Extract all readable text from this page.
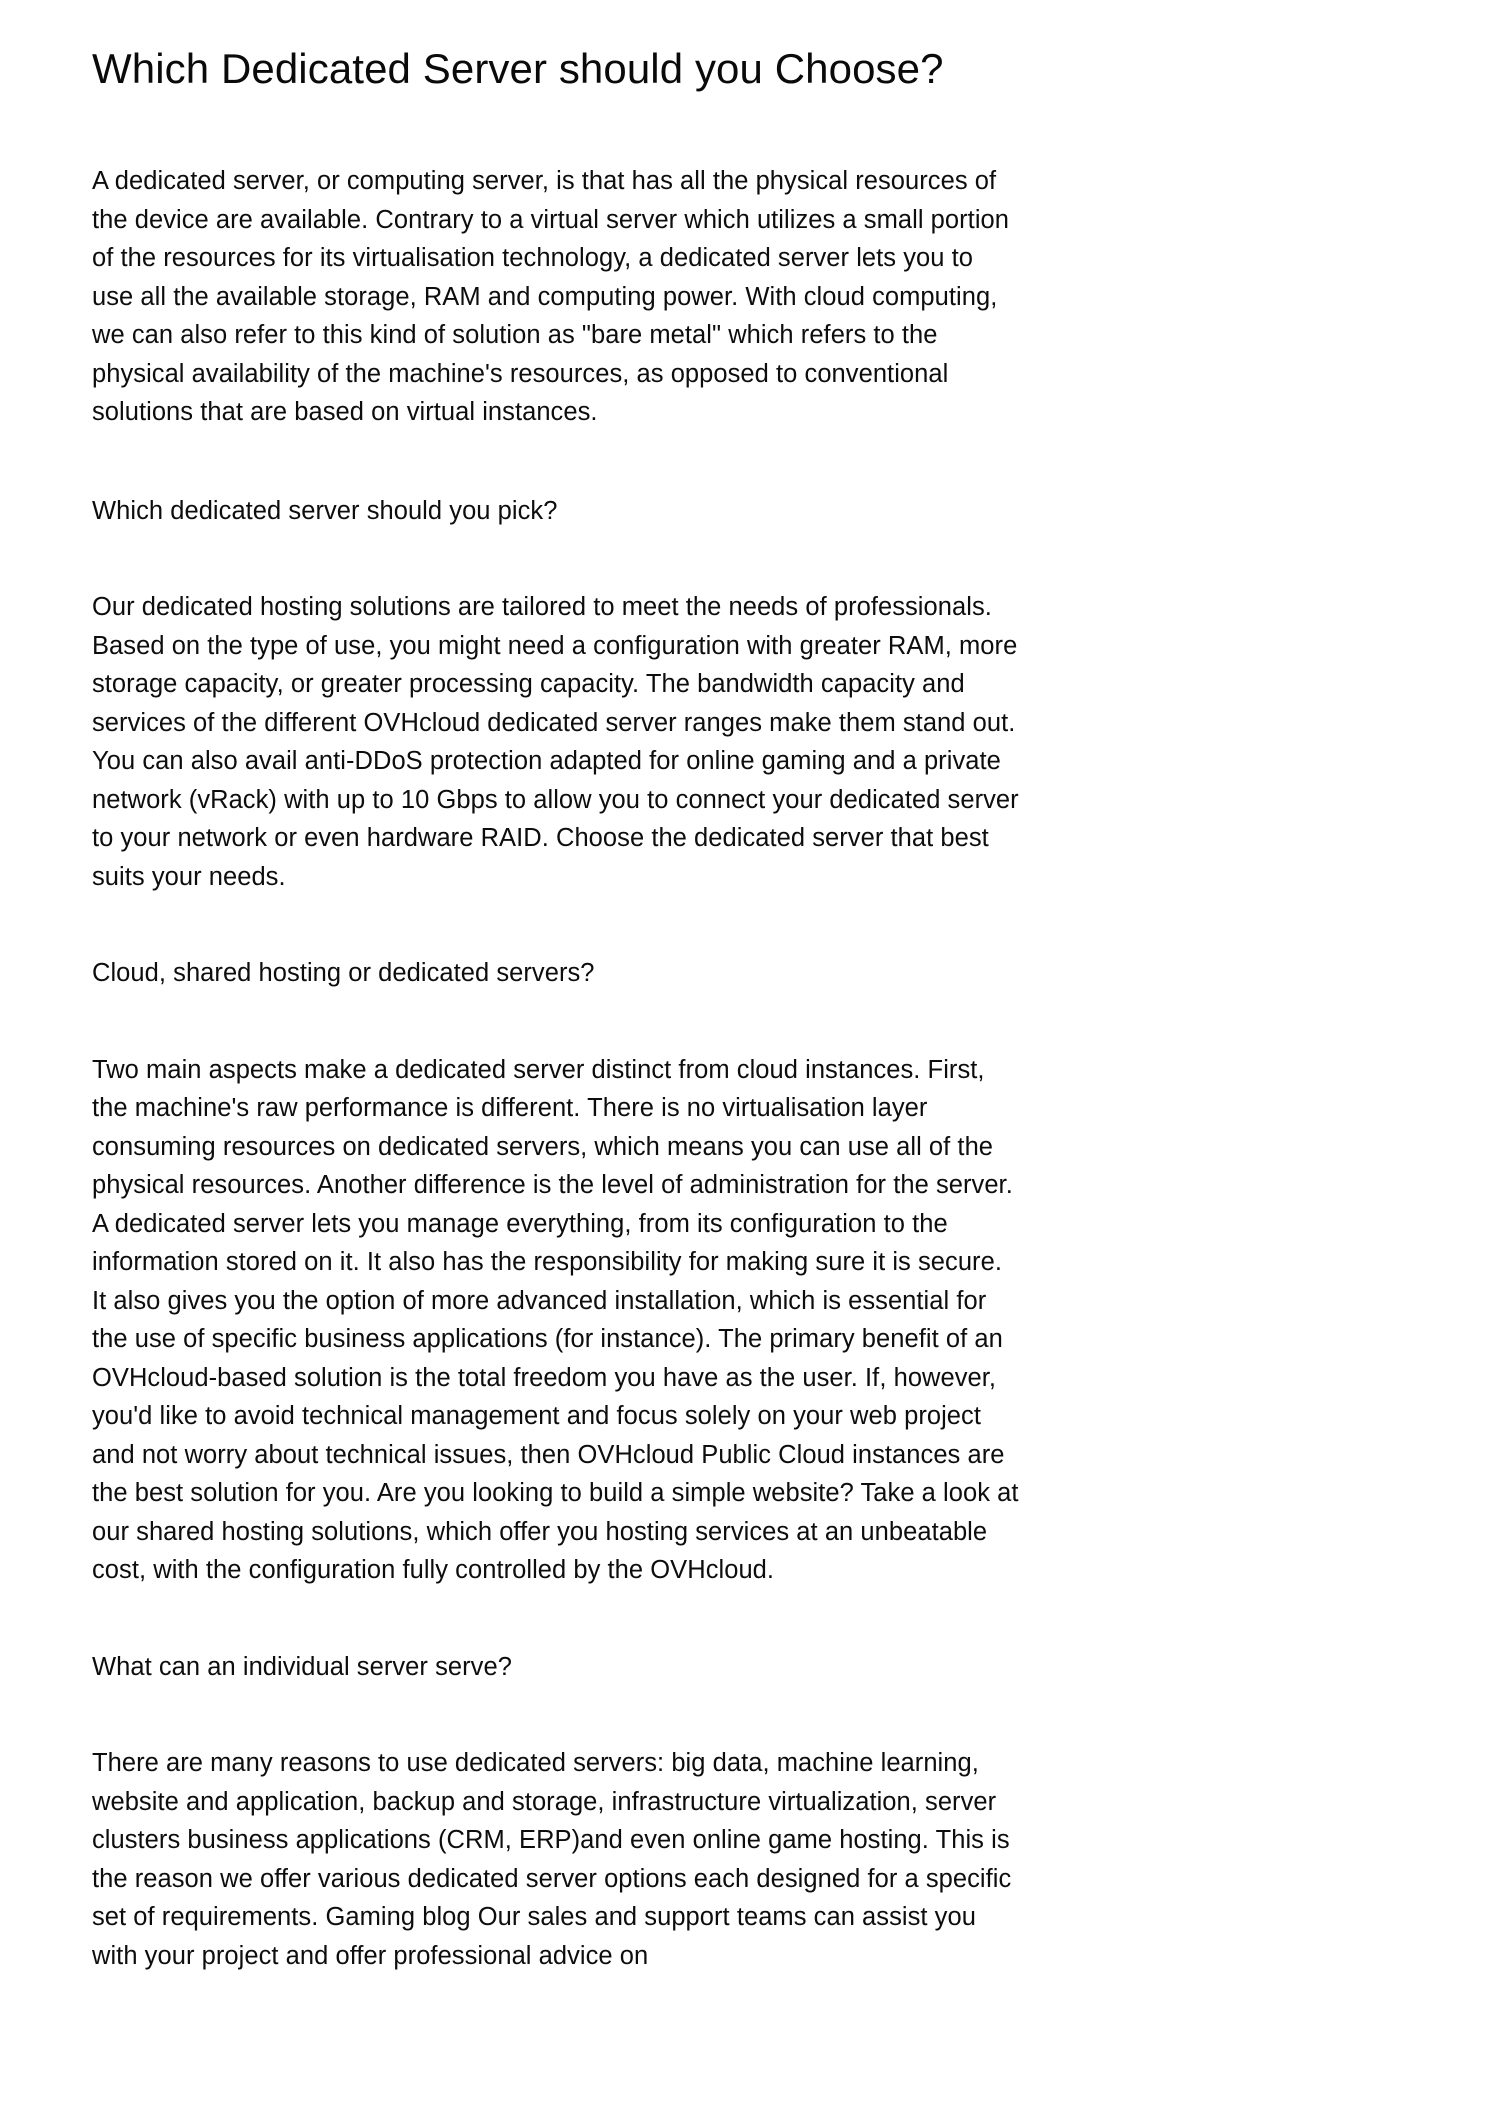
Which Dedicated Server should you Choose?

A dedicated server, or computing server, is that has all the physical resources of the device are available. Contrary to a virtual server which utilizes a small portion of the resources for its virtualisation technology, a dedicated server lets you to use all the available storage, RAM and computing power. With cloud computing, we can also refer to this kind of solution as "bare metal" which refers to the physical availability of the machine's resources, as opposed to conventional solutions that are based on virtual instances.

Which dedicated server should you pick?

Our dedicated hosting solutions are tailored to meet the needs of professionals. Based on the type of use, you might need a configuration with greater RAM, more storage capacity, or greater processing capacity. The bandwidth capacity and services of the different OVHcloud dedicated server ranges make them stand out. You can also avail anti-DDoS protection adapted for online gaming and a private network (vRack) with up to 10 Gbps to allow you to connect your dedicated server to your network or even hardware RAID. Choose the dedicated server that best suits your needs.

Cloud, shared hosting or dedicated servers?

Two main aspects make a dedicated server distinct from cloud instances. First, the machine's raw performance is different. There is no virtualisation layer consuming resources on dedicated servers, which means you can use all of the physical resources. Another difference is the level of administration for the server. A dedicated server lets you manage everything, from its configuration to the information stored on it. It also has the responsibility for making sure it is secure. It also gives you the option of more advanced installation, which is essential for the use of specific business applications (for instance). The primary benefit of an OVHcloud-based solution is the total freedom you have as the user. If, however, you'd like to avoid technical management and focus solely on your web project and not worry about technical issues, then OVHcloud Public Cloud instances are the best solution for you. Are you looking to build a simple website? Take a look at our shared hosting solutions, which offer you hosting services at an unbeatable cost, with the configuration fully controlled by the OVHcloud.

What can an individual server serve?

There are many reasons to use dedicated servers: big data, machine learning, website and application, backup and storage, infrastructure virtualization, server clusters business applications (CRM, ERP)and even online game hosting. This is the reason we offer various dedicated server options each designed for a specific set of requirements. Gaming blog Our sales and support teams can assist you with your project and offer professional advice on
